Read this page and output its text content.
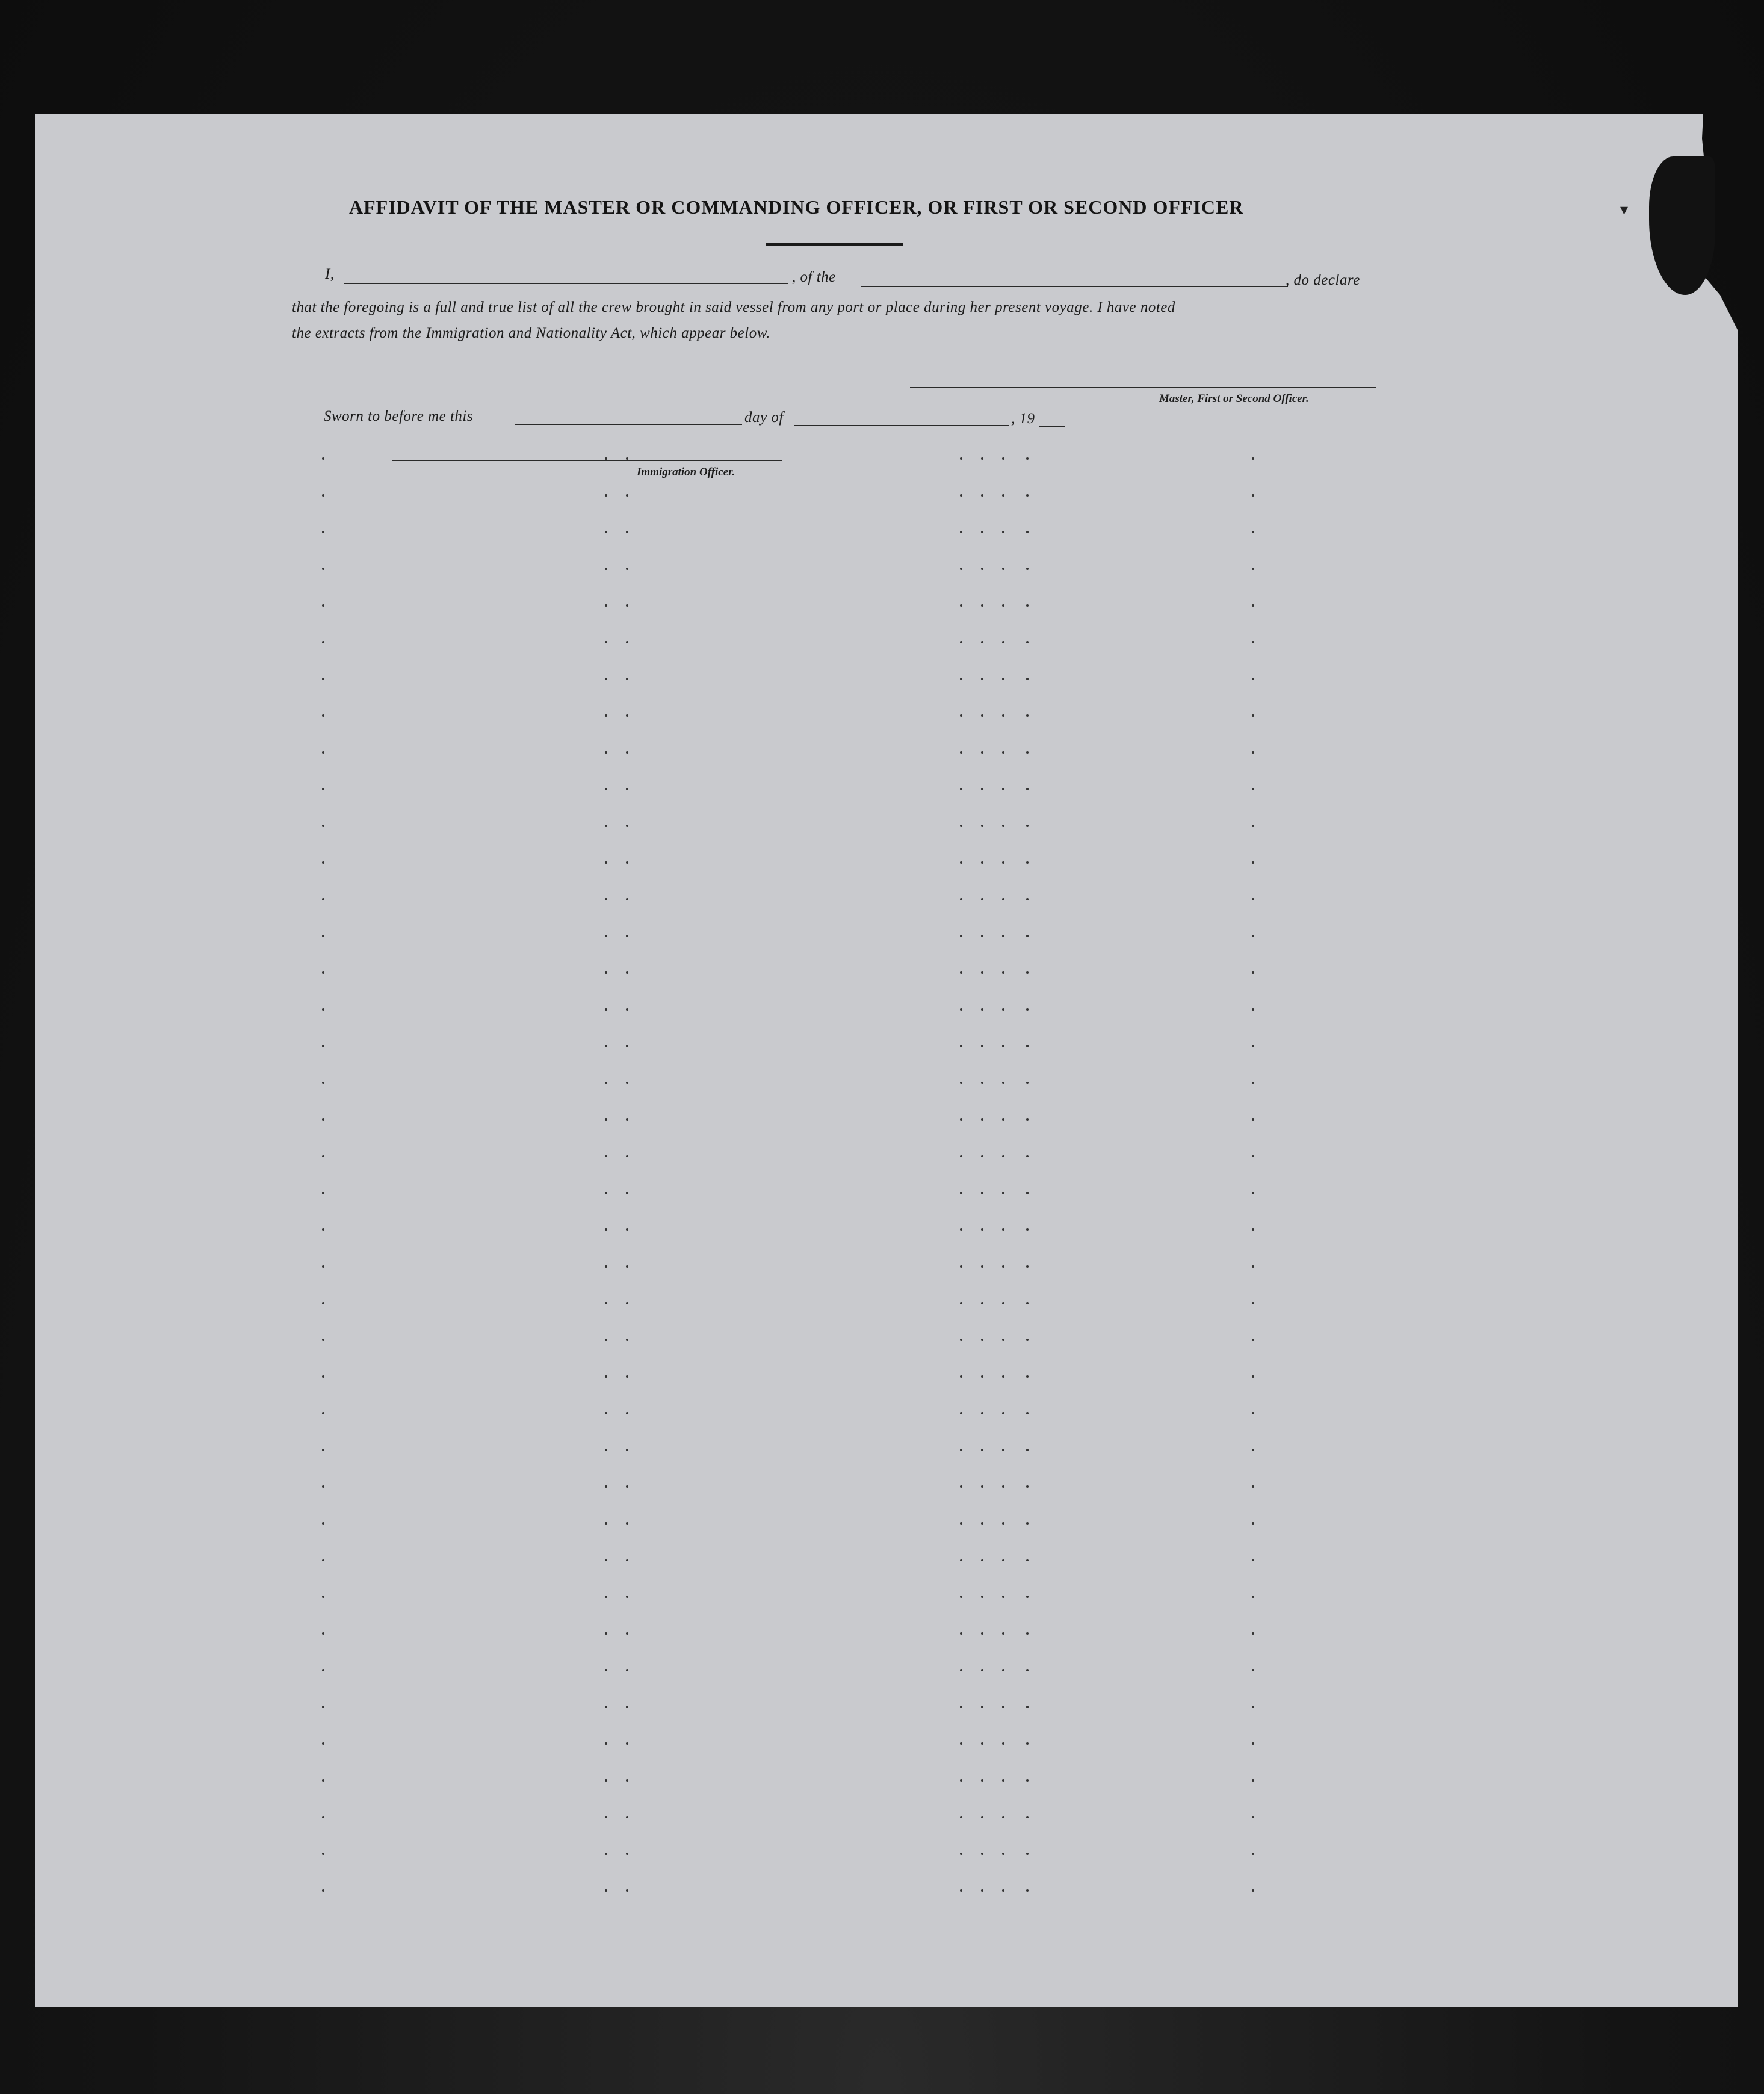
AFFIDAVIT OF THE MASTER OR COMMANDING OFFICER, OR FIRST OR SECOND OFFICER
I,	, of the	, do declare
that the foregoing is a full and true list of all the crew brought in said vessel from any port or place during her present voyage. I have noted
the extracts from the Immigration and Nationality Act, which appear below.
Master, First or Second Officer.
Sworn to before me this	day of	, 19
Immigration Officer.
▾
